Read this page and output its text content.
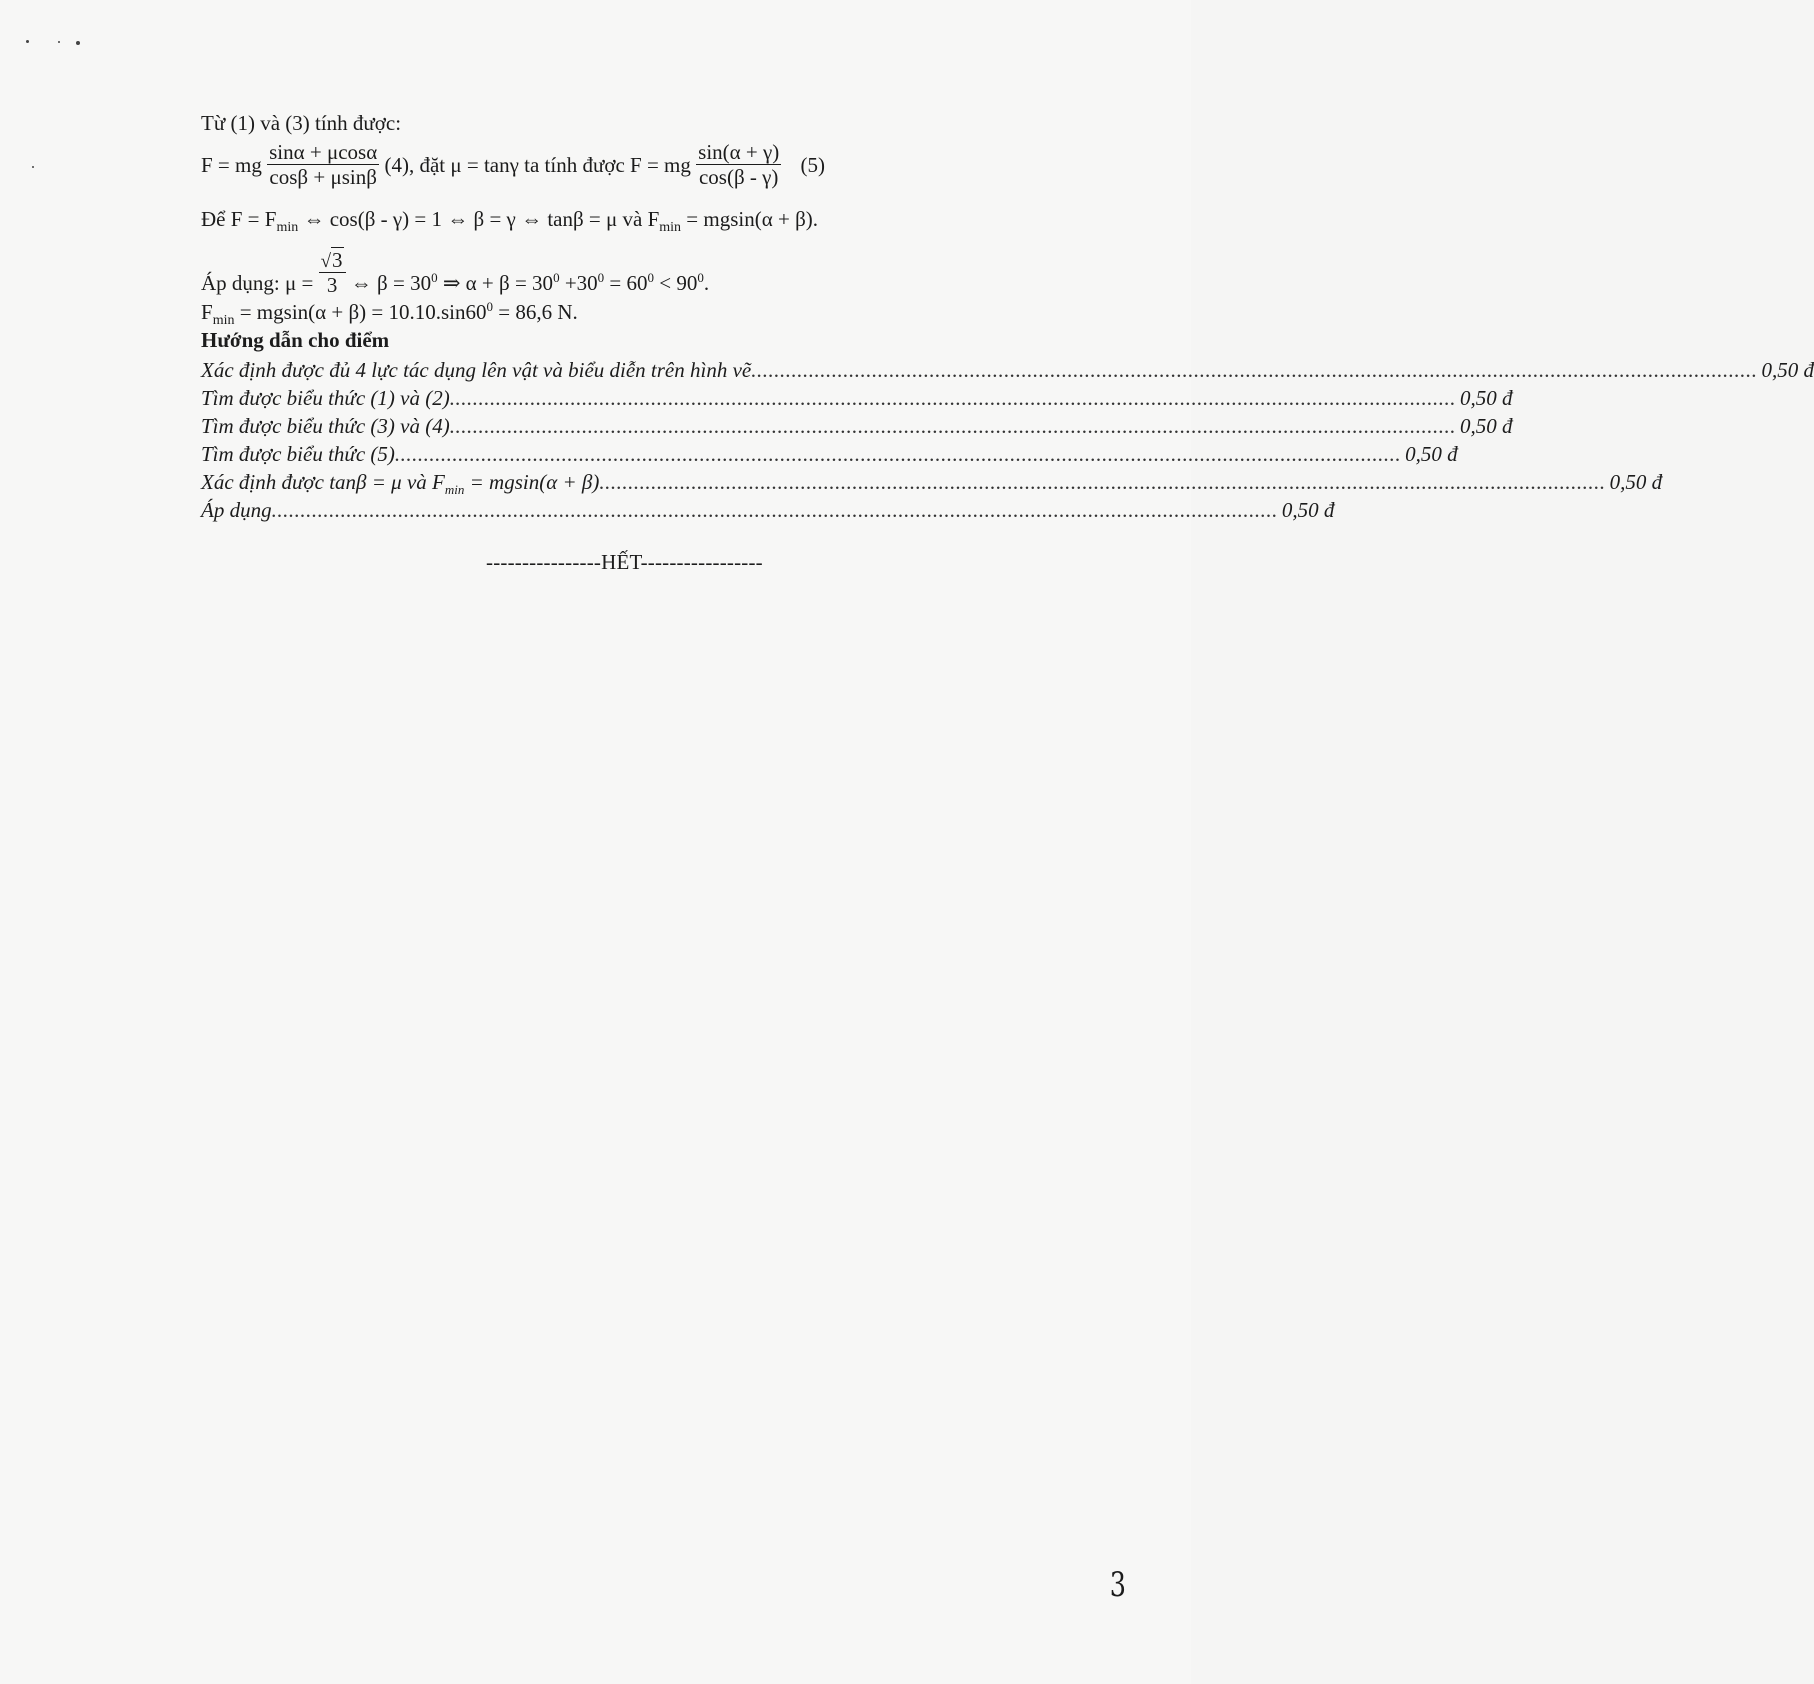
Từ (1) và (3) tính được:
F = mg $\frac{\sin\alpha + \mu\cos\alpha}{\cos\beta + \mu\sin\beta} (4)$, đặt μ = tanγ ta tính được F = mg $\frac{\sin(\alpha + \gamma)}{\cos(\beta - \gamma)} (5)$
Để $F = F_{min}$ ⇔ cos(β - γ) = 1 ⇔ β = γ ⇔ tanβ = μ và $F_{min} = mgsin(\alpha + \beta)$.
Áp dụng: $\mu = \frac{√3}{3}$ ⇔ $\beta = 30^0$ ⇒ $\alpha + \beta = 30^0 +30^0 = 60^0 < 90^0$.
$F_{min} = mgsin(\alpha + \beta) = 10.10.\sin 60^0 = 86,6$ N.
Hướng dẫn cho điểm
Xác định được đủ 4 lực tác dụng lên vật và biểu diễn trên hình vẽ ............................................................................................................................................................................... 0,50 đ
Tìm được biểu thức (1) và (2) ............................................................................................................................................................................... 0,50 đ
Tìm được biểu thức (3) và (4) ............................................................................................................................................................................... 0,50 đ
Tìm được biểu thức (5) ............................................................................................................................................................................... 0,50 đ
Xác định được tanβ = μ và $F_{min} = mgsin(\alpha + \beta)$ ............................................................................................................................................................................... 0,50 đ
Áp dụng ............................................................................................................................................................................... 0,50 đ
----------------HẾT-----------------
3
